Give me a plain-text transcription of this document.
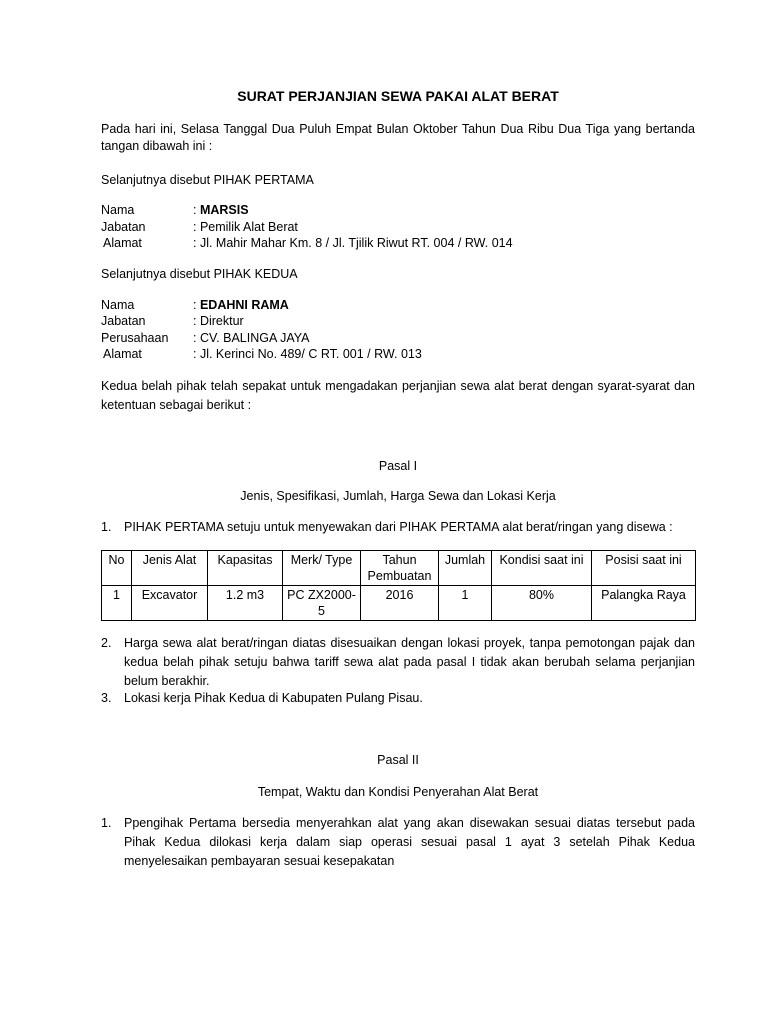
SURAT PERJANJIAN SEWA PAKAI ALAT BERAT
Pada hari ini, Selasa Tanggal Dua Puluh Empat Bulan Oktober Tahun Dua Ribu Dua Tiga yang bertanda tangan dibawah ini :
Selanjutnya disebut PIHAK PERTAMA
Nama	: MARSIS
Jabatan	: Pemilik Alat Berat
Alamat	: Jl. Mahir Mahar Km. 8 / Jl. Tjilik Riwut RT. 004 / RW. 014
Selanjutnya disebut PIHAK KEDUA
Nama	: EDAHNI RAMA
Jabatan	: Direktur
Perusahaan : CV. BALINGA JAYA
Alamat	: Jl. Kerinci No. 489/ C RT. 001 / RW. 013
Kedua belah pihak telah sepakat untuk mengadakan perjanjian sewa alat berat dengan syarat-syarat dan ketentuan sebagai berikut :
Pasal I
Jenis, Spesifikasi, Jumlah, Harga Sewa dan Lokasi Kerja
1. PIHAK PERTAMA setuju untuk menyewakan dari PIHAK PERTAMA alat berat/ringan yang disewa :
No	Jenis Alat	Kapasitas	Merk/ Type	Tahun Pembuatan	Jumlah	Kondisi saat ini	Posisi saat ini
1	Excavator	1.2 m3	PC ZX2000-5	2016	1	80%	Palangka Raya
2. Harga sewa alat berat/ringan diatas disesuaikan dengan lokasi proyek, tanpa pemotongan pajak dan kedua belah pihak setuju bahwa tariff sewa alat pada pasal I tidak akan berubah selama perjanjian belum berakhir.
3. Lokasi kerja Pihak Kedua di Kabupaten Pulang Pisau.
Pasal II
Tempat, Waktu dan Kondisi Penyerahan Alat Berat
1. Ppengihak Pertama bersedia menyerahkan alat yang akan disewakan sesuai diatas tersebut pada Pihak Kedua dilokasi kerja dalam siap operasi sesuai pasal 1 ayat 3 setelah Pihak Kedua menyelesaikan pembayaran sesuai kesepakatan
